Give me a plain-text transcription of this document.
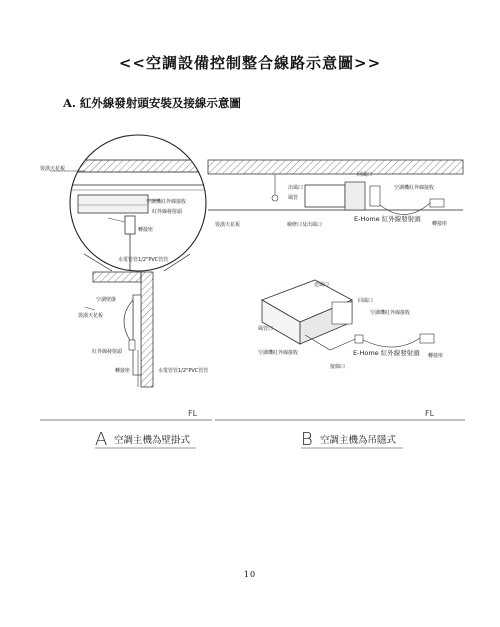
<<空調設備控制整合線路示意圖>>
A. 紅外線發射頭安裝及接線示意圖
裝潢天花板
空調機紅外線接收
紅外線發射頭
轉接座
水電管管1/2"PVC管管
空調壁掛
裝潢天花板
紅外線發射頭
轉接座	水電管管1/2"PVC管管
出風口
風管
回風口
空調機紅外線接收
裝潢天花板	檢修口及出風口
E-Home 紅外線發射頭
轉接座
送風口
回風口
風管口
空調機紅外線接收
E-Home 紅外線發射頭 轉接座
空調機紅外線接收
接線口
FL	FL
A 空調主機為壁掛式	B 空調主機為吊隱式
10
